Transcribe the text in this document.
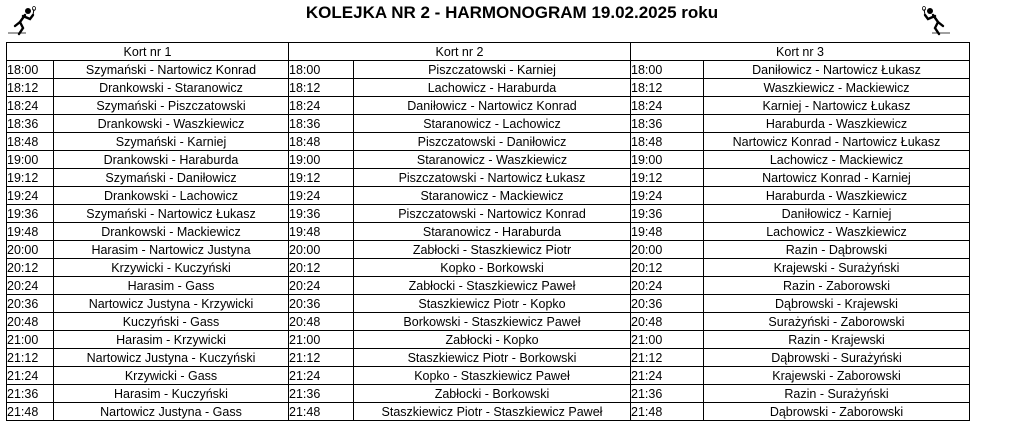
KOLEJKA NR 2 - HARMONOGRAM 19.02.2025 roku
Kort nr 1		Kort nr 2		Kort nr 3	
18:00	Szymański - Nartowicz Konrad	18:00	Piszczatowski - Karniej	18:00	Daniłowicz - Nartowicz Łukasz
18:12	Drankowski - Staranowicz	18:12	Lachowicz - Haraburda	18:12	Waszkiewicz - Mackiewicz
18:24	Szymański - Piszczatowski	18:24	Daniłowicz - Nartowicz Konrad	18:24	Karniej - Nartowicz Łukasz
18:36	Drankowski - Waszkiewicz	18:36	Staranowicz - Lachowicz	18:36	Haraburda - Waszkiewicz
18:48	Szymański - Karniej	18:48	Piszczatowski - Daniłowicz	18:48	Nartowicz Konrad - Nartowicz Łukasz
19:00	Drankowski - Haraburda	19:00	Staranowicz - Waszkiewicz	19:00	Lachowicz - Mackiewicz
19:12	Szymański - Daniłowicz	19:12	Piszczatowski - Nartowicz Łukasz	19:12	Nartowicz Konrad - Karniej
19:24	Drankowski - Lachowicz	19:24	Staranowicz - Mackiewicz	19:24	Haraburda - Waszkiewicz
19:36	Szymański - Nartowicz Łukasz	19:36	Piszczatowski - Nartowicz Konrad	19:36	Daniłowicz - Karniej
19:48	Drankowski - Mackiewicz	19:48	Staranowicz - Haraburda	19:48	Lachowicz - Waszkiewicz
20:00	Harasim - Nartowicz Justyna	20:00	Zabłocki - Staszkiewicz Piotr	20:00	Razin - Dąbrowski
20:12	Krzywicki - Kuczyński	20:12	Kopko - Borkowski	20:12	Krajewski - Surażyński
20:24	Harasim - Gass	20:24	Zabłocki - Staszkiewicz Paweł	20:24	Razin - Zaborowski
20:36	Nartowicz Justyna - Krzywicki	20:36	Staszkiewicz Piotr - Kopko	20:36	Dąbrowski - Krajewski
20:48	Kuczyński - Gass	20:48	Borkowski - Staszkiewicz Paweł	20:48	Surażyński - Zaborowski
21:00	Harasim - Krzywicki	21:00	Zabłocki - Kopko	21:00	Razin - Krajewski
21:12	Nartowicz Justyna - Kuczyński	21:12	Staszkiewicz Piotr - Borkowski	21:12	Dąbrowski - Surażyński
21:24	Krzywicki - Gass	21:24	Kopko - Staszkiewicz Paweł	21:24	Krajewski - Zaborowski
21:36	Harasim - Kuczyński	21:36	Zabłocki - Borkowski	21:36	Razin - Surażyński
21:48	Nartowicz Justyna - Gass	21:48	Staszkiewicz Piotr - Staszkiewicz Paweł	21:48	Dąbrowski - Zaborowski
